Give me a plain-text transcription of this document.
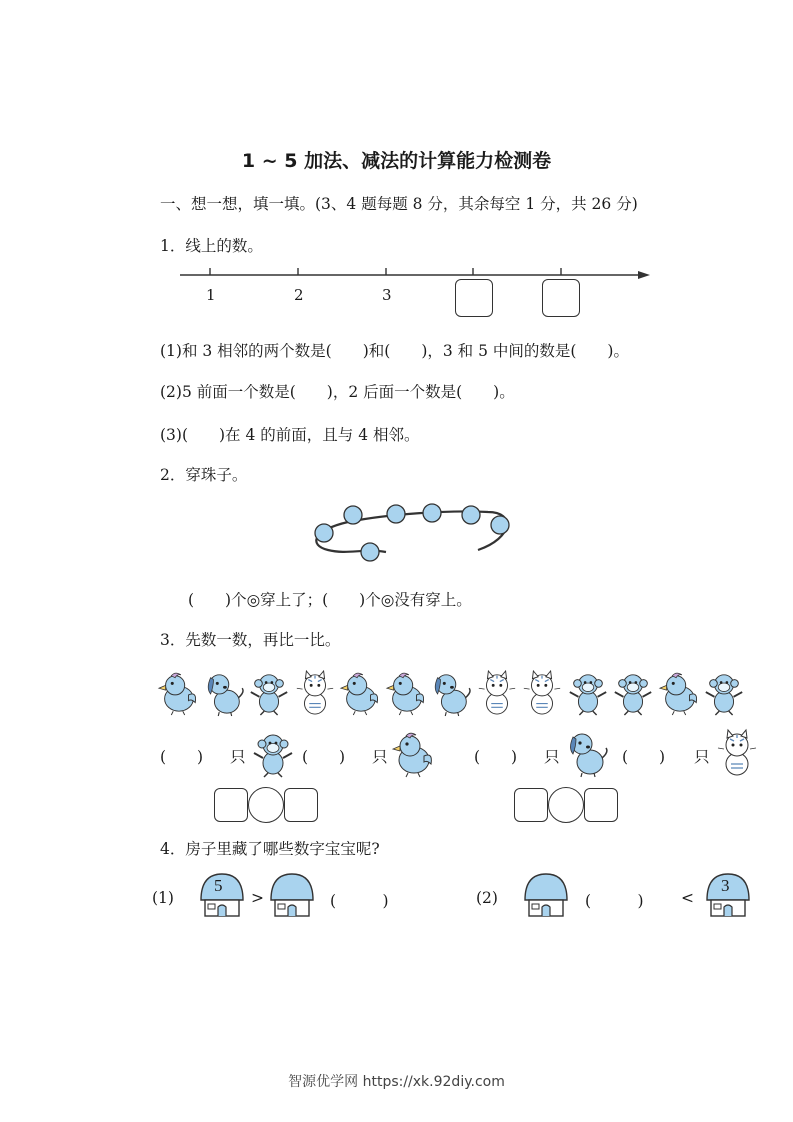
1 ~ 5 加法、减法的计算能力检测卷
一、想一想，填一填。(3、4 题每题 8 分，其余每空 1 分，共 26 分)
1．线上的数。
1	2	3
(1)和 3 相邻的两个数是(　　)和(　　)，3 和 5 中间的数是(　　)。
(2)5 前面一个数是(　　)，2 后面一个数是(　　)。
(3)(　　)在 4 的前面，且与 4 相邻。
2．穿珠子。
(　　)个◎穿上了；(　　)个◎没有穿上。
3．先数一数，再比一比。
(　　) 只	(　　) 只	(　　) 只	(　　) 只
4．房子里藏了哪些数字宝宝呢?
(1)
5
>	(　　　)	(2)	(　　　) <
3
智源优学网 https://xk.92diy.com
